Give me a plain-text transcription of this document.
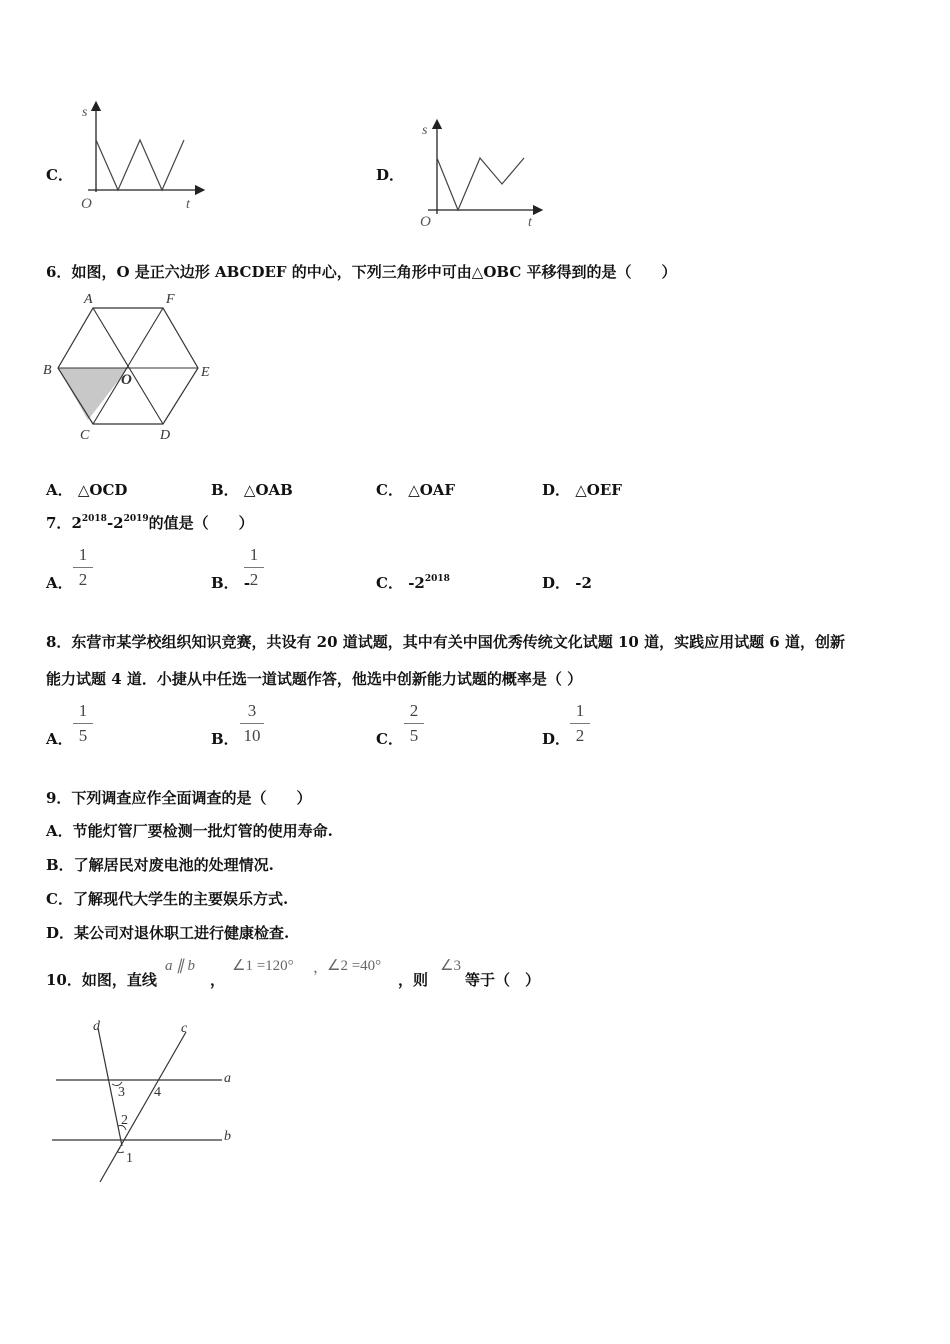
C．
s
O	t
D．
s
O	t
6．如图，O 是正六边形 ABCDEF 的中心，下列三角形中可由△OBC 平移得到的是（　　）
A	F
B	E
O
C	D
A． △OCD	B． △OAB	C． △OAF	D． △OEF
7．$2^{2018}-2^{2019}$的值是（　　）
A．
1
2	B． -
1
2	C． $-2^{2018}$	D． -2
8．东营市某学校组织知识竞赛，共设有 20 道试题，其中有关中国优秀传统文化试题 10 道，实践应用试题 6 道，创新
能力试题 4 道．小捷从中任选一道试题作答，他选中创新能力试题的概率是（ ）
A．
1
5	B．
3
10	C．
2
5	D．
1
2
9．下列调查应作全面调查的是（　　）
A．节能灯管厂要检测一批灯管的使用寿命.
B．了解居民对废电池的处理情况.
C．了解现代大学生的主要娱乐方式.
D．某公司对退休职工进行健康检查.
10．如图，直线
a ∥ b
，
∠1 =120° ，
∠2 =40°
，则
∠3
等于（　）
d	c
a
b
3 4
2
1
